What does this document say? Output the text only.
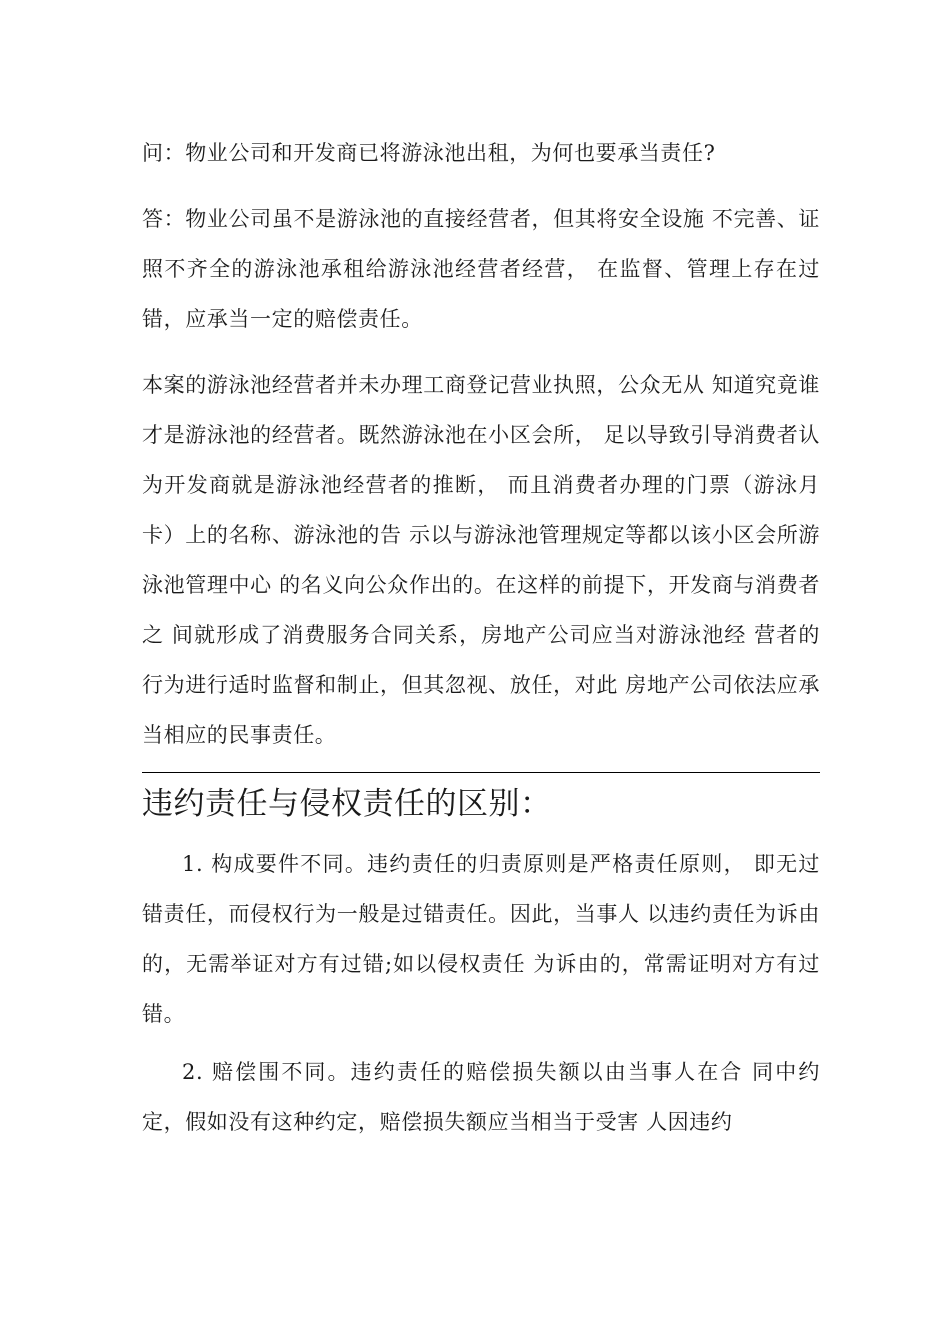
问：物业公司和开发商已将游泳池出租，为何也要承当责任?

答：物业公司虽不是游泳池的直接经营者，但其将安全设施 不完善、证照不齐全的游泳池承租给游泳池经营者经营， 在监督、管理上存在过错，应承当一定的赔偿责任。

本案的游泳池经营者并未办理工商登记营业执照，公众无从 知道究竟谁才是游泳池的经营者。既然游泳池在小区会所， 足以导致引导消费者认为开发商就是游泳池经营者的推断， 而且消费者办理的门票（游泳月卡）上的名称、游泳池的告 示以与游泳池管理规定等都以该小区会所游泳池管理中心 的名义向公众作出的。在这样的前提下，开发商与消费者之 间就形成了消费服务合同关系，房地产公司应当对游泳池经 营者的行为进行适时监督和制止，但其忽视、放任，对此 房地产公司依法应承当相应的民事责任。

违约责任与侵权责任的区别：

1. 构成要件不同。违约责任的归责原则是严格责任原则， 即无过错责任，而侵权行为一般是过错责任。因此，当事人 以违约责任为诉由的，无需举证对方有过错;如以侵权责任 为诉由的，常需证明对方有过错。

2. 赔偿围不同。违约责任的赔偿损失额以由当事人在合 同中约定，假如没有这种约定，赔偿损失额应当相当于受害 人因违约
